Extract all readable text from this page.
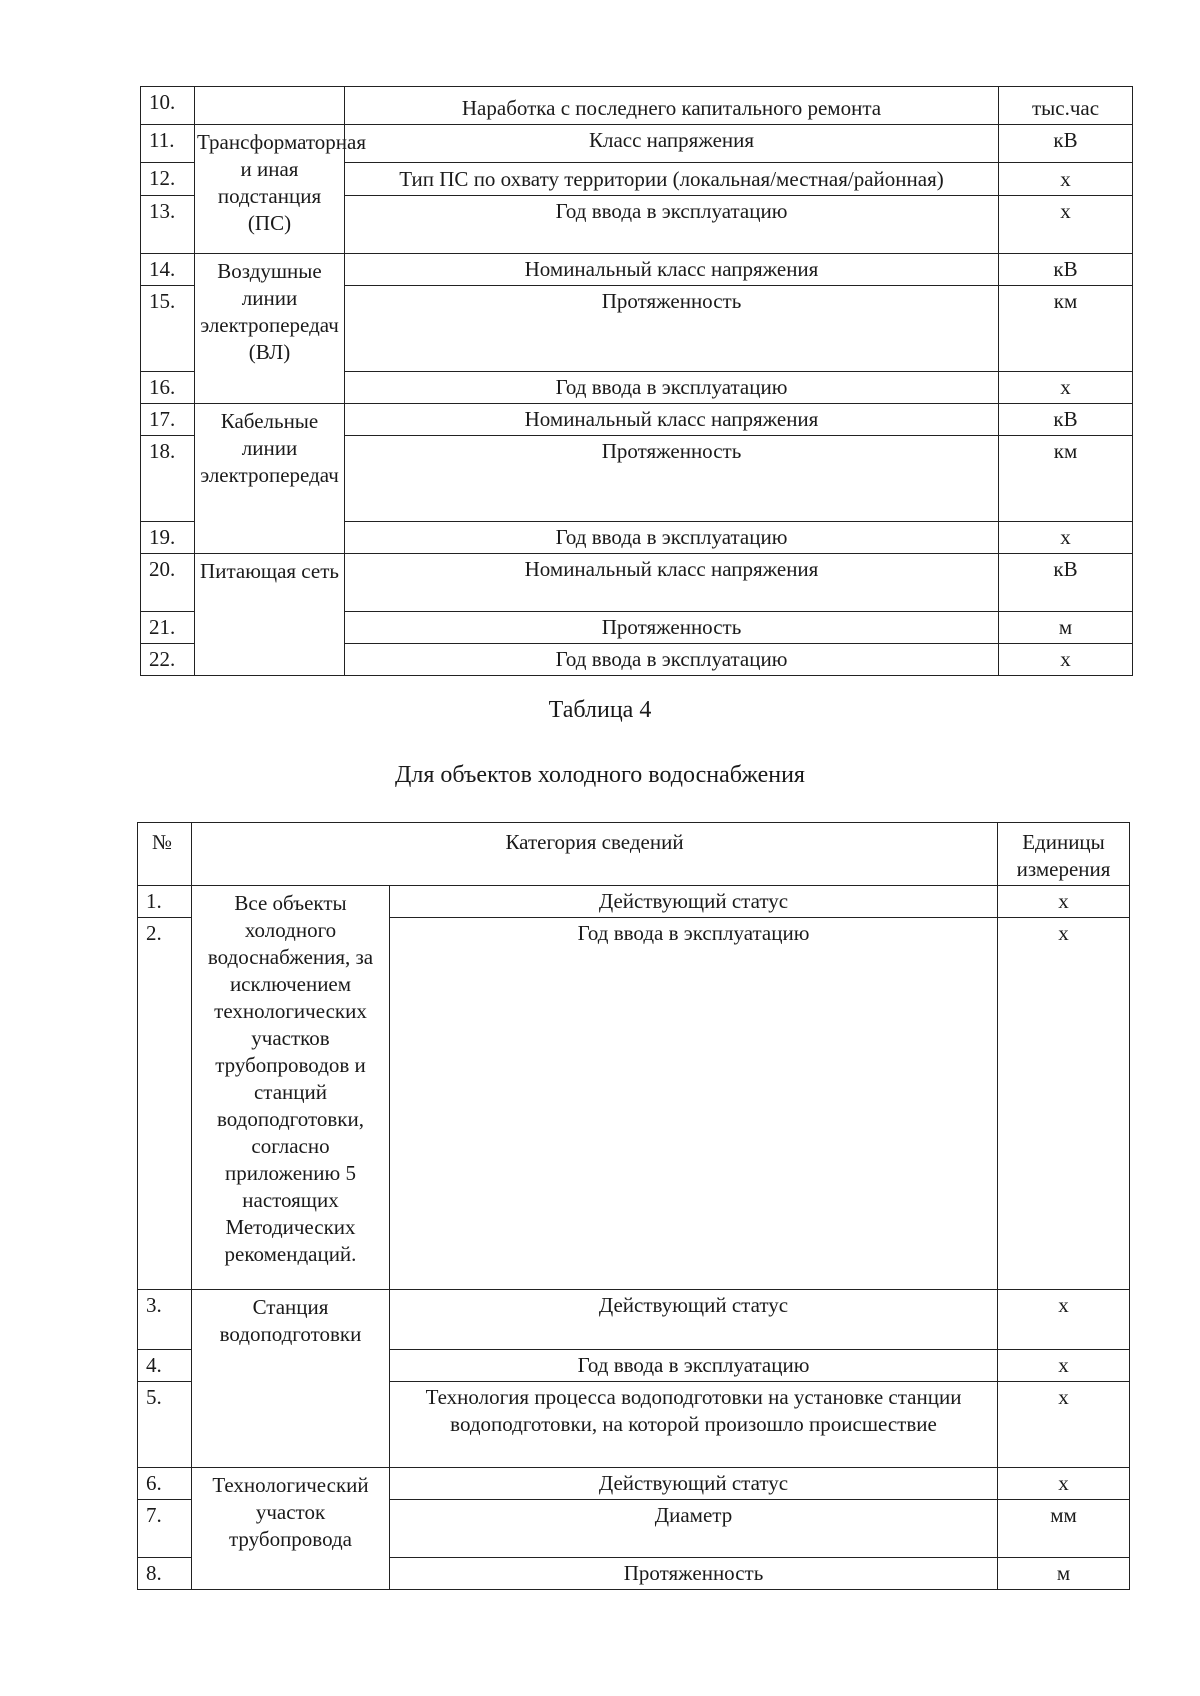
10.		Наработка с последнего капитального ремонта	тыс.час
11.	Трансформаторная и иная подстанция (ПС)	Класс напряжения	кВ
12.		Тип ПС по охвату территории (локальная/местная/районная)	х
13.		Год ввода в эксплуатацию	х
14.	Воздушные линии электропередач (ВЛ)	Номинальный класс напряжения	кВ
15.		Протяженность	км
16.		Год ввода в эксплуатацию	х
17.	Кабельные линии электропередач	Номинальный класс напряжения	кВ
18.		Протяженность	км
19.		Год ввода в эксплуатацию	х
20.	Питающая сеть	Номинальный класс напряжения	кВ
21.		Протяженность	м
22.		Год ввода в эксплуатацию	х
Таблица 4
Для объектов холодного водоснабжения
№	Категория сведений		Единицы измерения
1.	Все объекты холодного водоснабжения, за исключением технологических участков трубопроводов и станций водоподготовки, согласно приложению 5 настоящих Методических рекомендаций.	Действующий статус	х
2.		Год ввода в эксплуатацию	х
3.	Станция водоподготовки	Действующий статус	х
4.		Год ввода в эксплуатацию	х
5.		Технология процесса водоподготовки на установке станции водоподготовки, на которой произошло происшествие	х
6.	Технологический участок трубопровода	Действующий статус	х
7.		Диаметр	мм
8.		Протяженность	м
